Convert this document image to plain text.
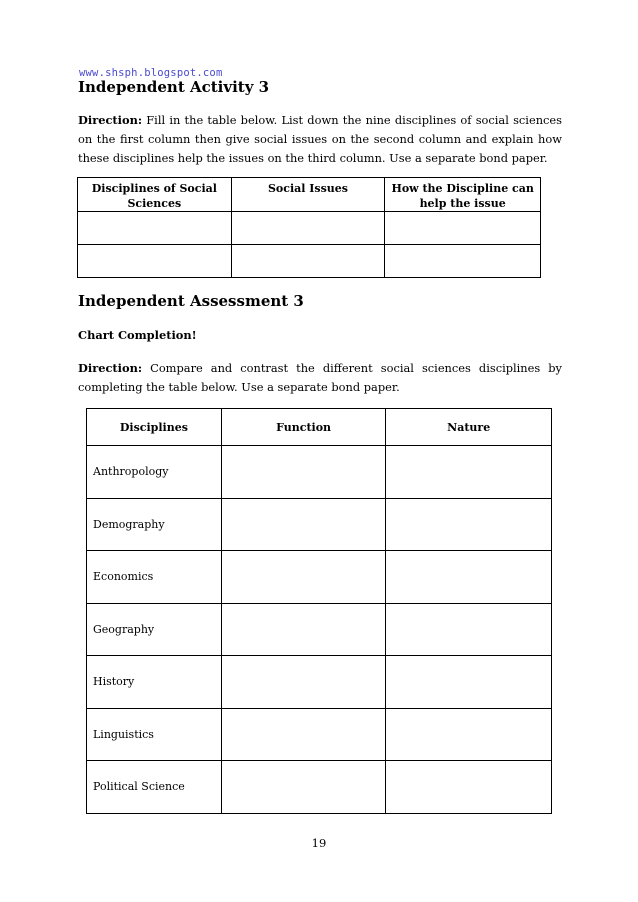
www.shsph.blogspot.com
Independent Activity 3

Direction: Fill in the table below. List down the nine disciplines of social sciences on the first column then give social issues on the second column and explain how these disciplines help the issues on the third column. Use a separate bond paper.

Disciplines of Social Sciences	Social Issues	How the Discipline can help the issue

Independent Assessment 3

Chart Completion!

Direction: Compare and contrast the different social sciences disciplines by completing the table below. Use a separate bond paper.

Disciplines	Function	Nature
Anthropology		
Demography		
Economics		
Geography		
History		
Linguistics		
Political Science		
19
